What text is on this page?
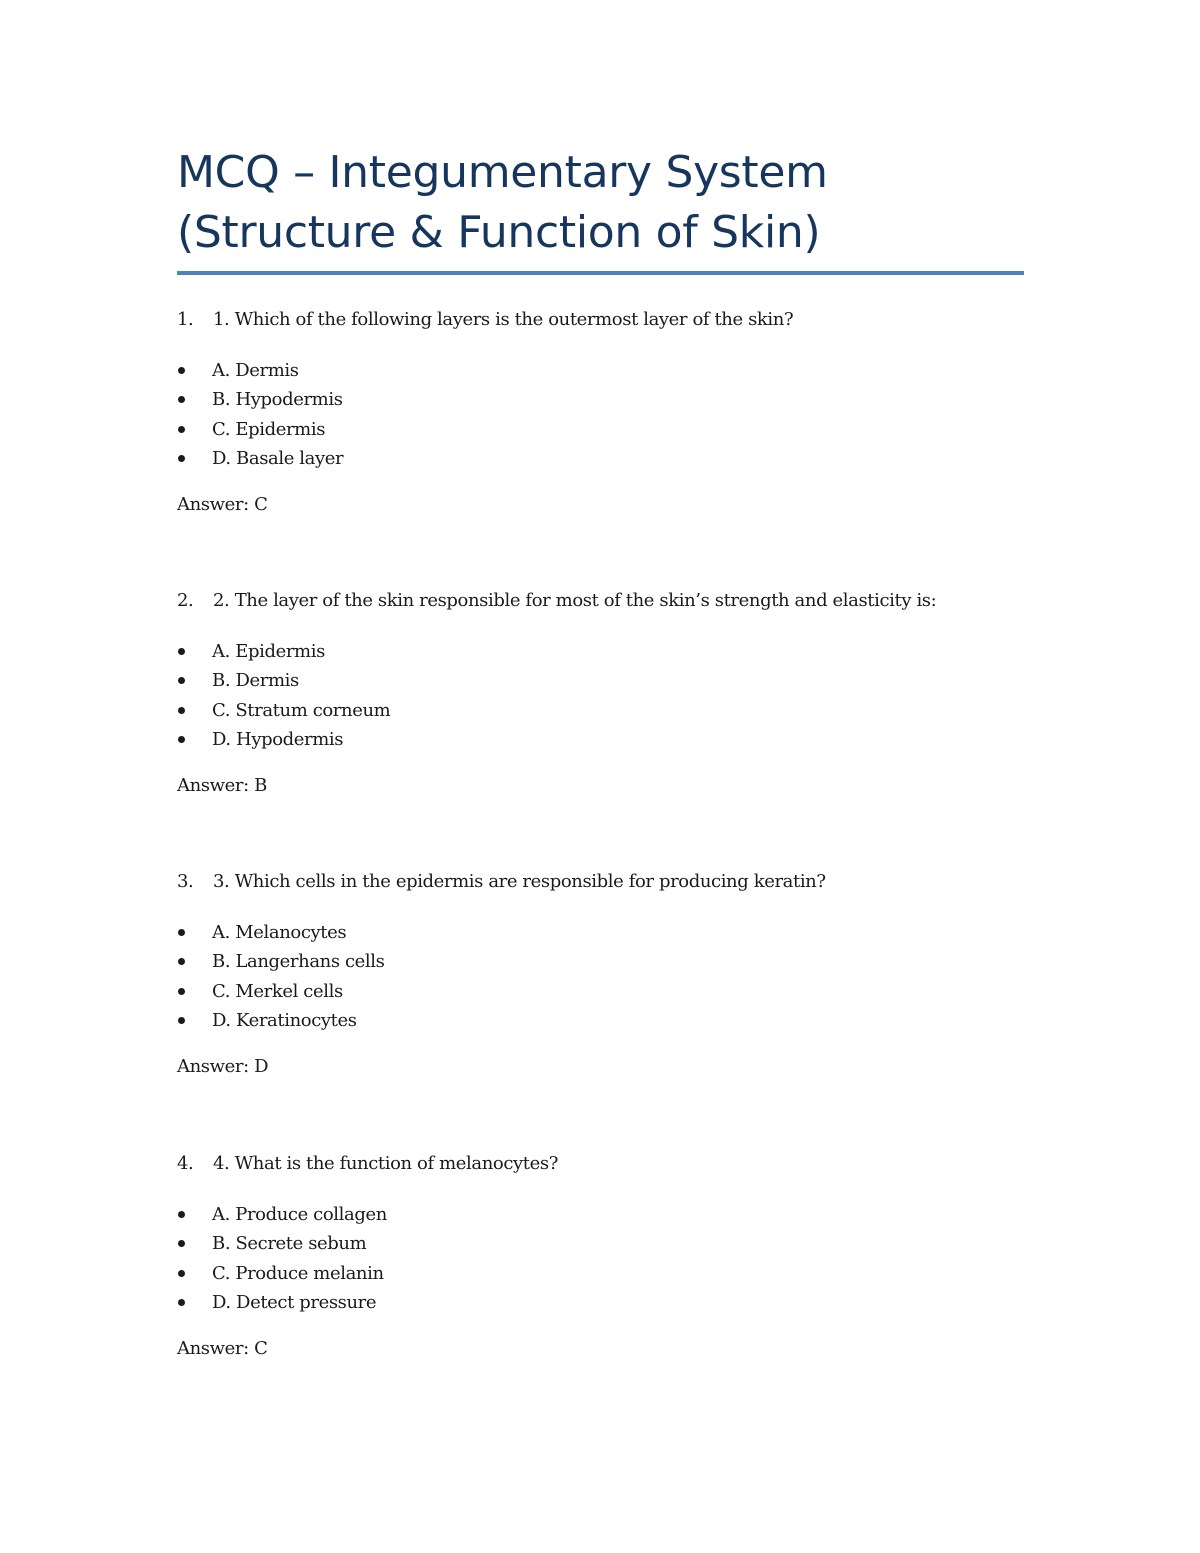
MCQ – Integumentary System
(Structure & Function of Skin)
1. 1. Which of the following layers is the outermost layer of the skin?
A. Dermis
B. Hypodermis
C. Epidermis
D. Basale layer
Answer: C
2. 2. The layer of the skin responsible for most of the skin’s strength and elasticity is:
A. Epidermis
B. Dermis
C. Stratum corneum
D. Hypodermis
Answer: B
3. 3. Which cells in the epidermis are responsible for producing keratin?
A. Melanocytes
B. Langerhans cells
C. Merkel cells
D. Keratinocytes
Answer: D
4. 4. What is the function of melanocytes?
A. Produce collagen
B. Secrete sebum
C. Produce melanin
D. Detect pressure
Answer: C
